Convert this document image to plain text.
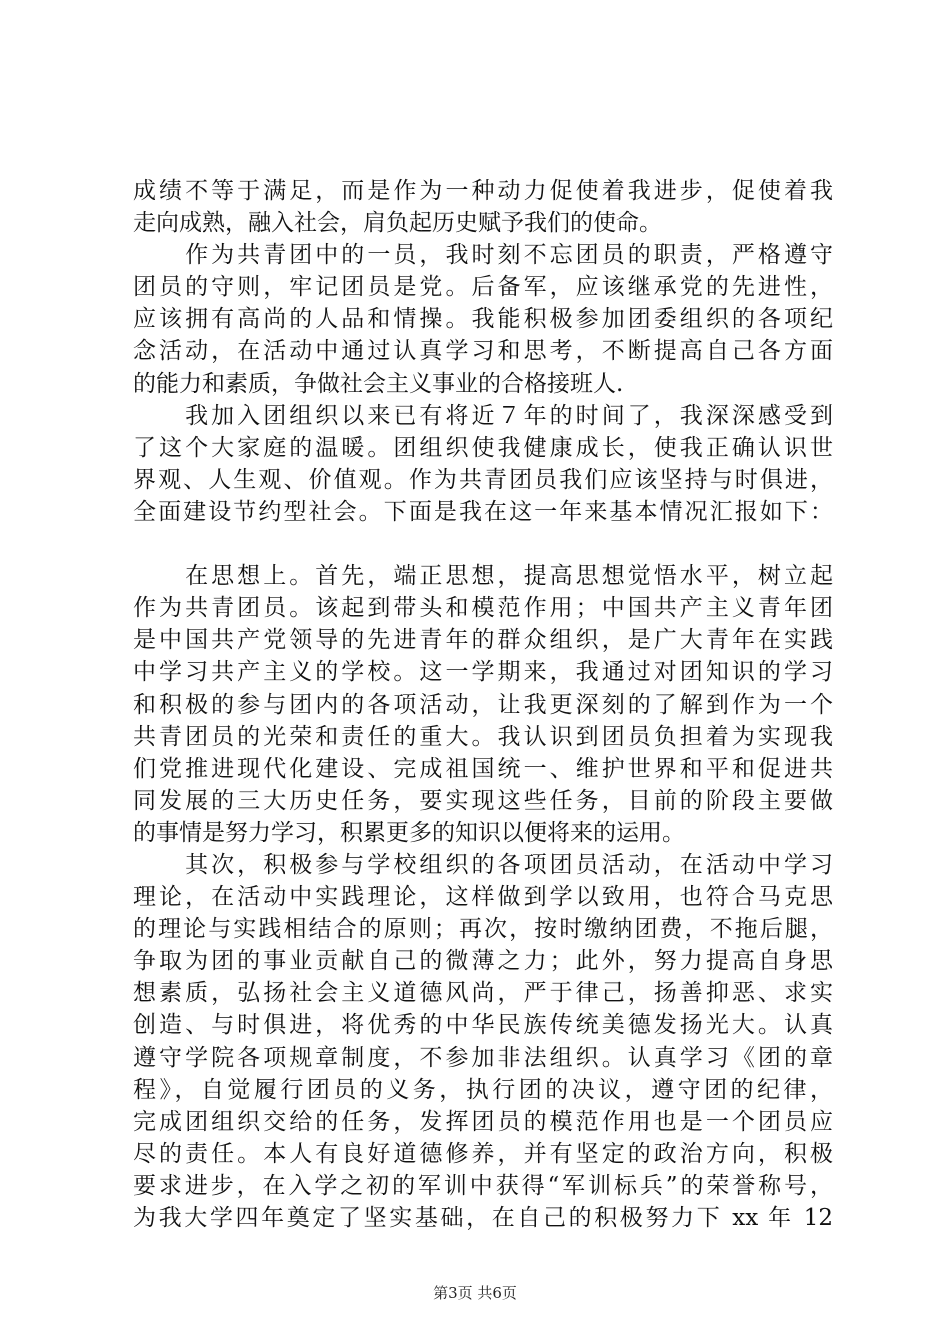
成绩不等于满足，而是作为一种动力促使着我进步，促使着我
走向成熟，融入社会，肩负起历史赋予我们的使命。
　　作为共青团中的一员，我时刻不忘团员的职责，严格遵守
团员的守则，牢记团员是党。后备军，应该继承党的先进性，
应该拥有高尚的人品和情操。我能积极参加团委组织的各项纪
念活动，在活动中通过认真学习和思考，不断提高自己各方面
的能力和素质，争做社会主义事业的合格接班人.
　　我加入团组织以来已有将近７年的时间了，我深深感受到
了这个大家庭的温暖。团组织使我健康成长，使我正确认识世
界观、人生观、价值观。作为共青团员我们应该坚持与时俱进，
全面建设节约型社会。下面是我在这一年来基本情况汇报如下：
　　在思想上。首先，端正思想，提高思想觉悟水平，树立起
作为共青团员。该起到带头和模范作用；中国共产主义青年团
是中国共产党领导的先进青年的群众组织，是广大青年在实践
中学习共产主义的学校。这一学期来，我通过对团知识的学习
和积极的参与团内的各项活动，让我更深刻的了解到作为一个
共青团员的光荣和责任的重大。我认识到团员负担着为实现我
们党推进现代化建设、完成祖国统一、维护世界和平和促进共
同发展的三大历史任务，要实现这些任务，目前的阶段主要做
的事情是努力学习，积累更多的知识以便将来的运用。
　　其次，积极参与学校组织的各项团员活动，在活动中学习
理论，在活动中实践理论，这样做到学以致用，也符合马克思
的理论与实践相结合的原则；再次，按时缴纳团费，不拖后腿，
争取为团的事业贡献自己的微薄之力；此外，努力提高自身思
想素质，弘扬社会主义道德风尚，严于律己，扬善抑恶、求实
创造、与时俱进，将优秀的中华民族传统美德发扬光大。认真
遵守学院各项规章制度，不参加非法组织。认真学习《团的章
程》，自觉履行团员的义务，执行团的决议，遵守团的纪律，
完成团组织交给的任务，发挥团员的模范作用也是一个团员应
尽的责任。本人有良好道德修养，并有坚定的政治方向，积极
要求进步，在入学之初的军训中获得“军训标兵”的荣誉称号，
为我大学四年奠定了坚实基础，在自己的积极努力下 xx 年 12
第3页 共6页
